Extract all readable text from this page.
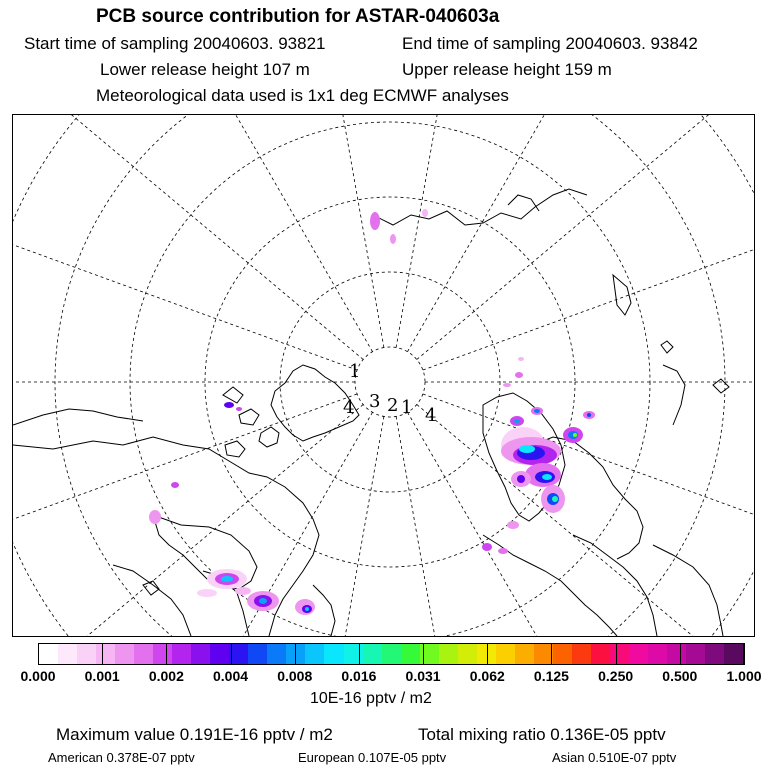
PCB source contribution for ASTAR-040603a
Start time of sampling 20040603. 93821	End time of sampling 20040603. 93842
Lower release height 107 m	Upper release height 159 m
Meteorological data used is 1x1 deg ECMWF analyses
1
4 3 2 1 4
0.000 0.001 0.002 0.004 0.008 0.016 0.031 0.062 0.125 0.250 0.500 1.000
10E-16 pptv / m2
Maximum value 0.191E-16 pptv / m2	Total mixing ratio 0.136E-05 pptv
American 0.378E-07 pptv	European 0.107E-05 pptv	Asian 0.510E-07 pptv
